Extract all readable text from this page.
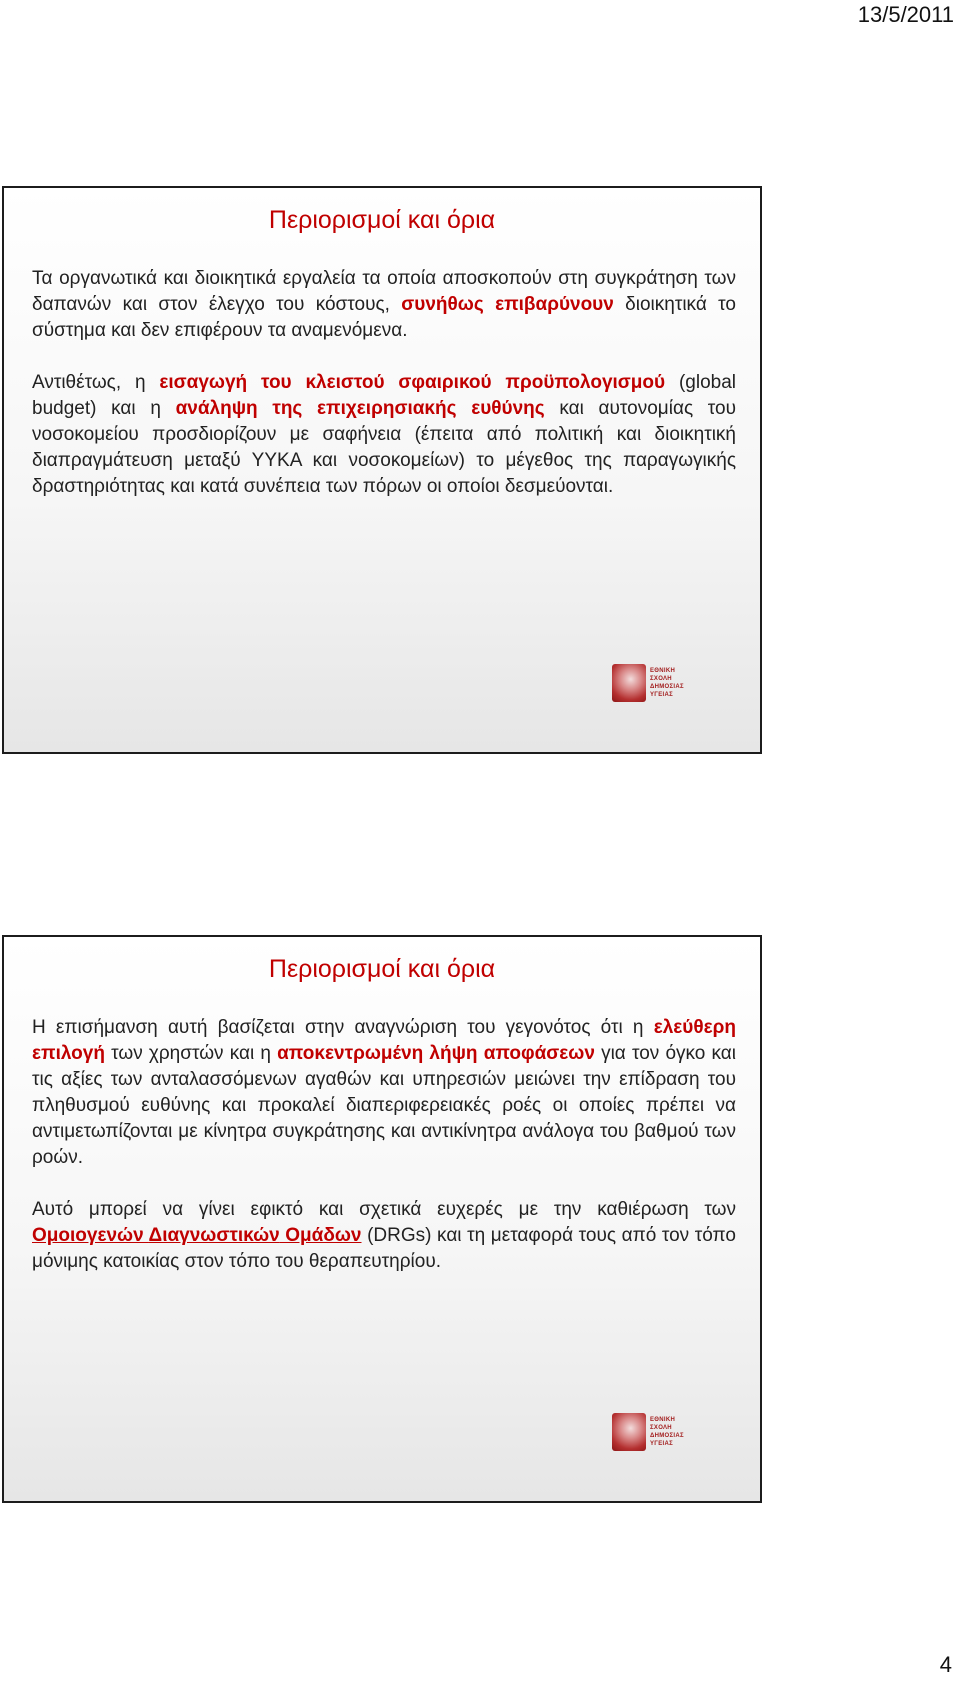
13/5/2011
Περιορισμοί και όρια

Τα οργανωτικά και διοικητικά εργαλεία τα οποία αποσκοπούν στη συγκράτηση των δαπανών και στον έλεγχο του κόστους, συνήθως επιβαρύνουν διοικητικά το σύστημα και δεν επιφέρουν τα αναμενόμενα.

Αντιθέτως, η εισαγωγή του κλειστού σφαιρικού προϋπολογισμού (global budget) και η ανάληψη της επιχειρησιακής ευθύνης και αυτονομίας του νοσοκομείου προσδιορίζουν με σαφήνεια (έπειτα από πολιτική και διοικητική διαπραγμάτευση μεταξύ ΥΥΚΑ και νοσοκομείων) το μέγεθος της παραγωγικής δραστηριότητας και κατά συνέπεια των πόρων οι οποίοι δεσμεύονται.

ΕΘΝΙΚΗ
ΣΧΟΛΗ
ΔΗΜΟΣΙΑΣ
ΥΓΕΙΑΣ
Περιορισμοί και όρια

Η επισήμανση αυτή βασίζεται στην αναγνώριση του γεγονότος ότι η ελεύθερη επιλογή των χρηστών και η αποκεντρωμένη λήψη αποφάσεων για τον όγκο και τις αξίες των ανταλασσόμενων αγαθών και υπηρεσιών μειώνει την επίδραση του πληθυσμού ευθύνης και προκαλεί διαπεριφερειακές ροές οι οποίες πρέπει να αντιμετωπίζονται με κίνητρα συγκράτησης και αντικίνητρα ανάλογα του βαθμού των ροών.

Αυτό μπορεί να γίνει εφικτό και σχετικά ευχερές με την καθιέρωση των Ομοιογενών Διαγνωστικών Ομάδων (DRGs) και τη μεταφορά τους από τον τόπο μόνιμης κατοικίας στον τόπο του θεραπευτηρίου.

ΕΘΝΙΚΗ
ΣΧΟΛΗ
ΔΗΜΟΣΙΑΣ
ΥΓΕΙΑΣ
4
